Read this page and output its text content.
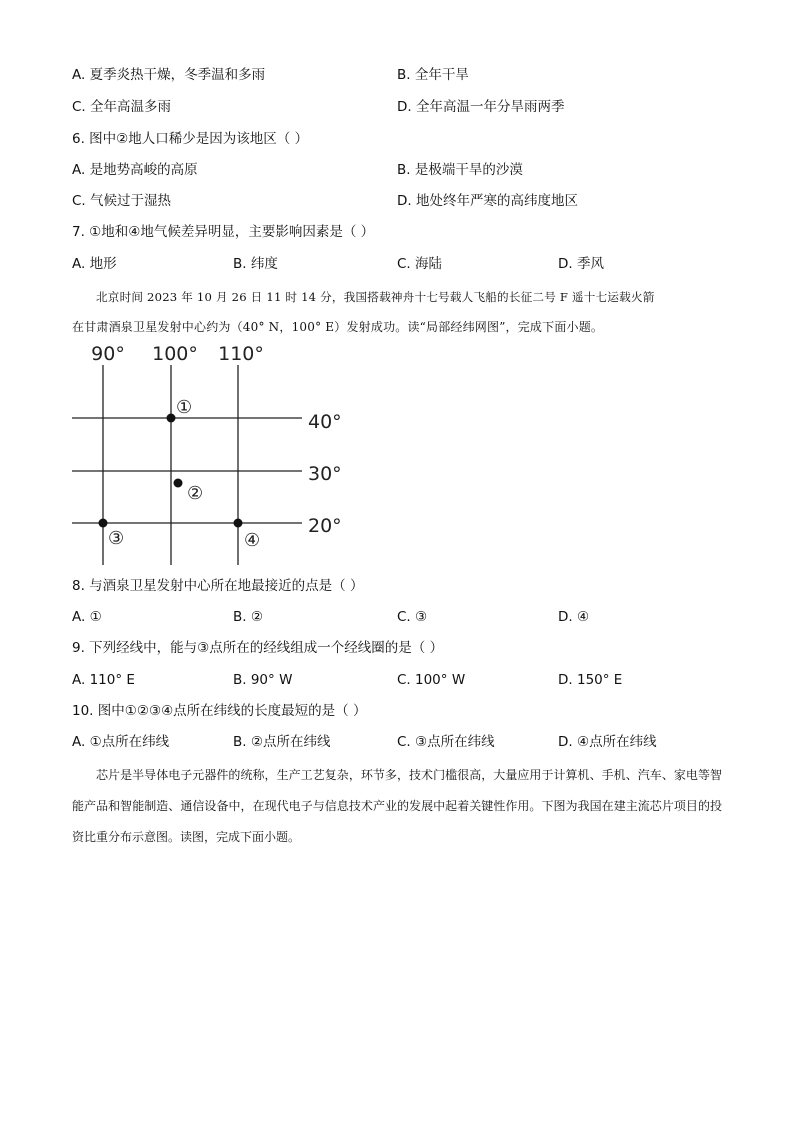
A. 夏季炎热干燥，冬季温和多雨	B. 全年干旱
C. 全年高温多雨	D. 全年高温一年分旱雨两季
6. 图中②地人口稀少是因为该地区（ ）
A. 是地势高峻的高原	B. 是极端干旱的沙漠
C. 气候过于湿热	D. 地处终年严寒的高纬度地区
7. ①地和④地气候差异明显，主要影响因素是（ ）
A. 地形	B. 纬度	C. 海陆	D. 季风
北京时间 2023 年 10 月 26 日 11 时 14 分，我国搭载神舟十七号载人飞船的长征二号 F 遥十七运载火箭
在甘肃酒泉卫星发射中心约为（40° N，100° E）发射成功。读“局部经纬网图”，完成下面小题。
90° 100° 110°
40°
30°
20°
①
②
③	④
8. 与酒泉卫星发射中心所在地最接近的点是（ ）
A. ①	B. ②	C. ③	D. ④
9. 下列经线中，能与③点所在的经线组成一个经线圈的是（ ）
A. 110° E	B. 90° W	C. 100° W	D. 150° E
10. 图中①②③④点所在纬线的长度最短的是（ ）
A. ①点所在纬线	B. ②点所在纬线	C. ③点所在纬线	D. ④点所在纬线
芯片是半导体电子元器件的统称，生产工艺复杂，环节多，技术门槛很高，大量应用于计算机、手机、汽车、家电等智能产品和智能制造、通信设备中，在现代电子与信息技术产业的发展中起着关键性作用。下图为我国在建主流芯片项目的投资比重分布示意图。读图，完成下面小题。
